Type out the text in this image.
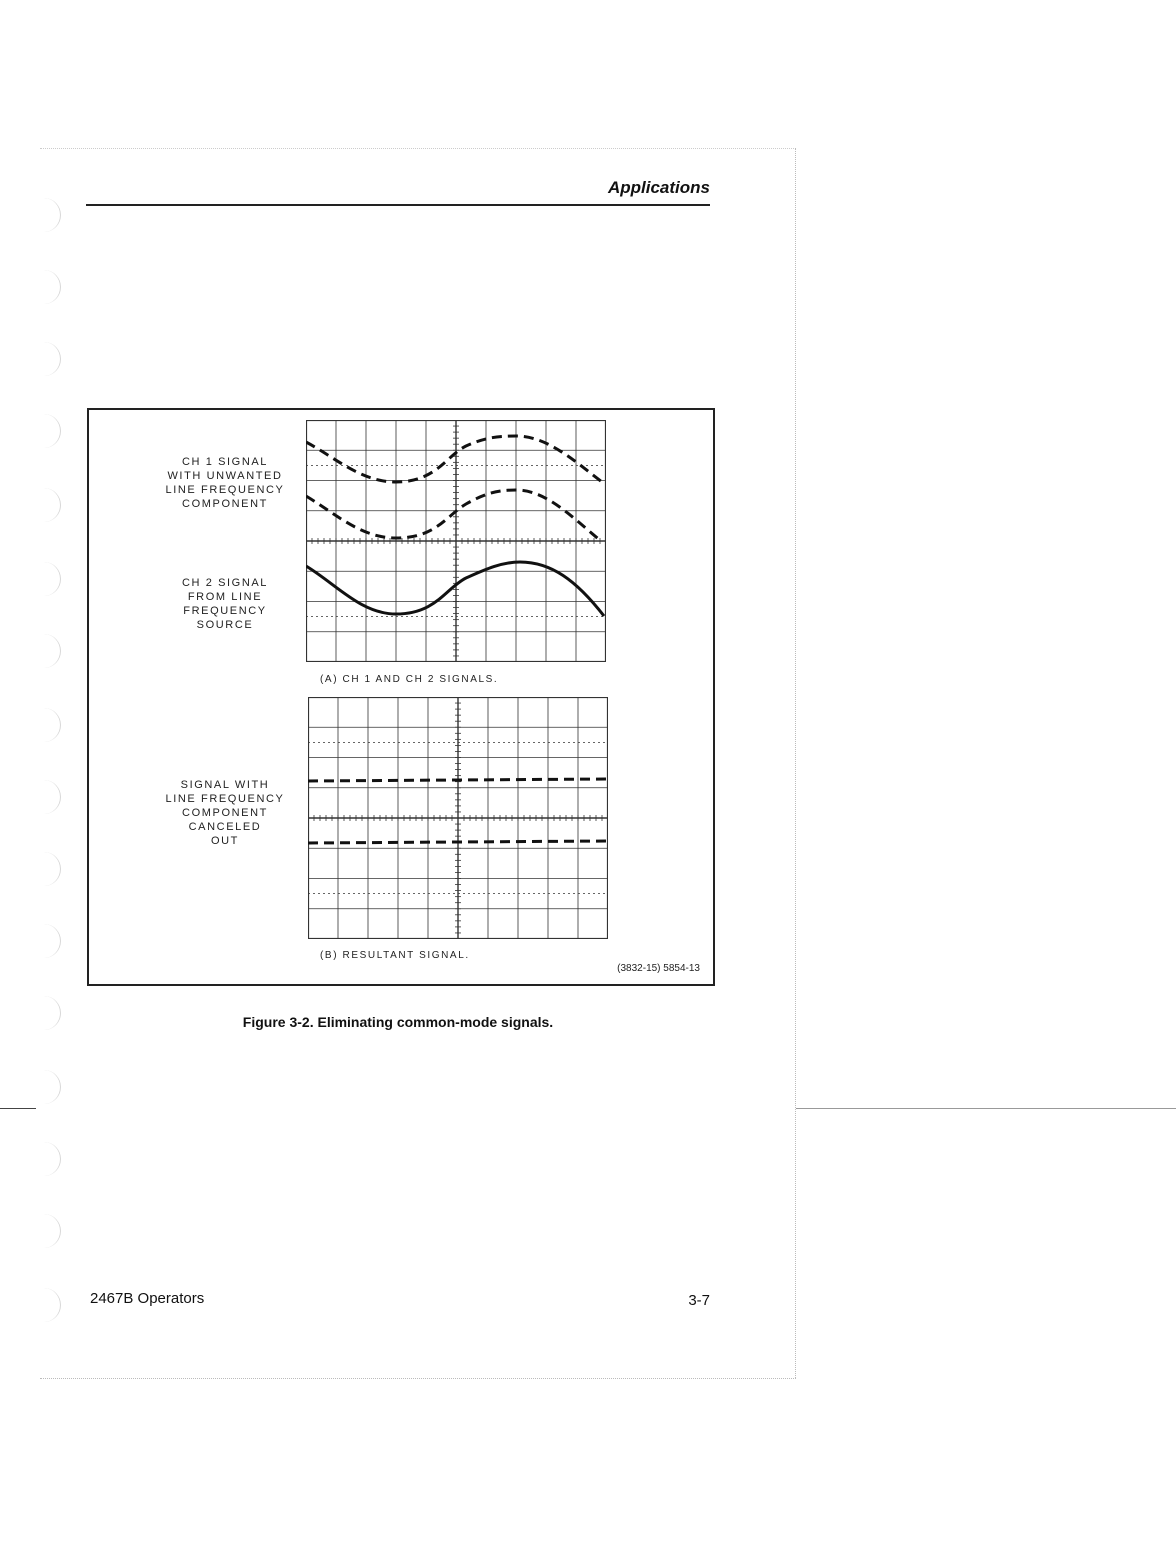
Applications
CH 1 SIGNAL
WITH UNWANTED
LINE FREQUENCY
COMPONENT
CH 2 SIGNAL
FROM LINE
FREQUENCY
SOURCE
(A) CH 1 AND CH 2 SIGNALS.
SIGNAL WITH
LINE FREQUENCY
COMPONENT
CANCELED
OUT
(B) RESULTANT SIGNAL.
(3832-15) 5854-13
Figure 3-2. Eliminating common-mode signals.
2467B Operators	3-7
